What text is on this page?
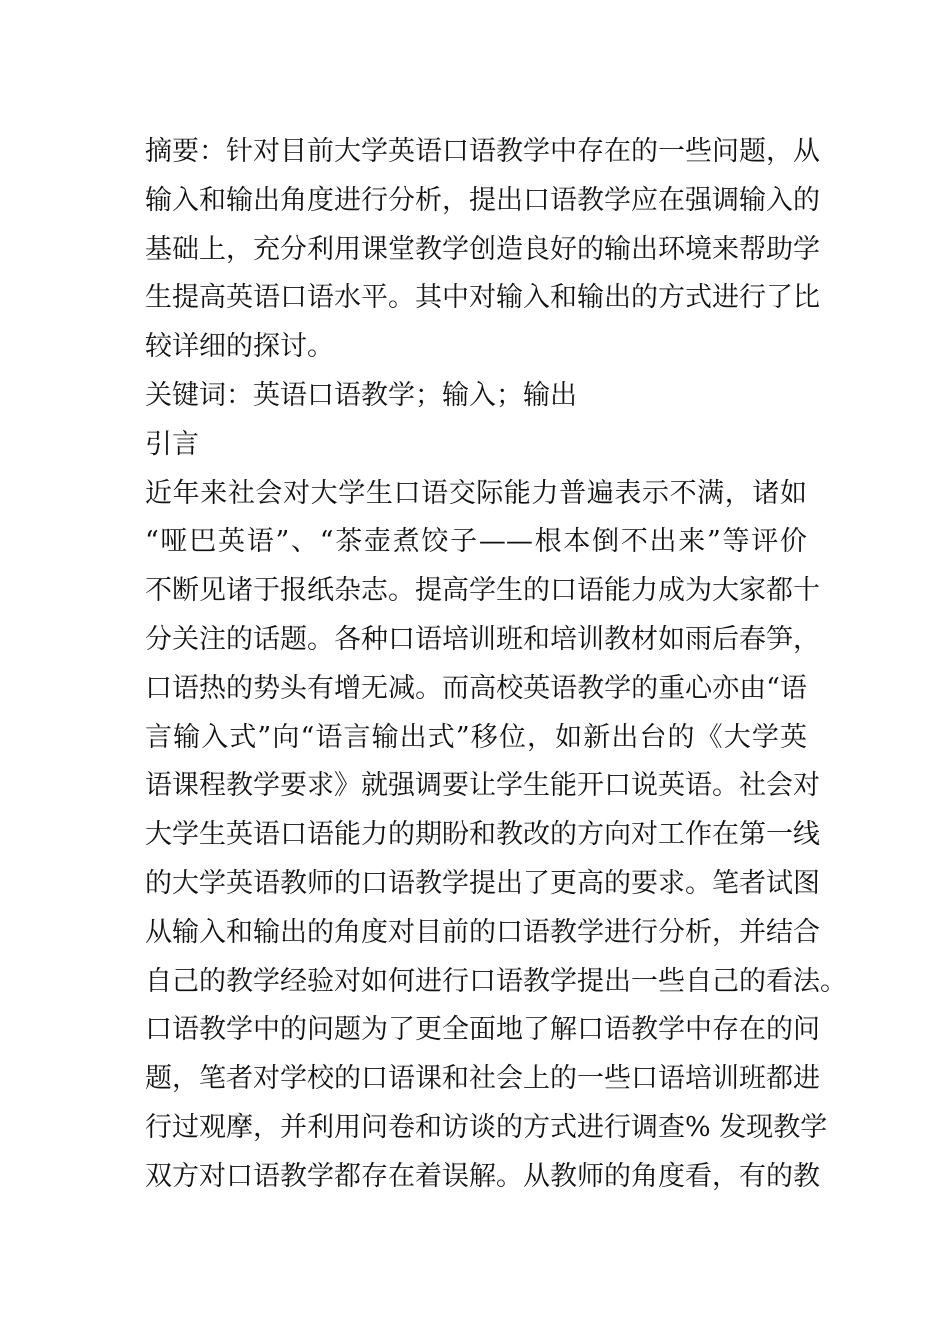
摘要：针对目前大学英语口语教学中存在的一些问题，从
输入和输出角度进行分析，提出口语教学应在强调输入的
基础上，充分利用课堂教学创造良好的输出环境来帮助学
生提高英语口语水平。其中对输入和输出的方式进行了比
较详细的探讨。
关键词：英语口语教学；输入；输出
引言
近年来社会对大学生口语交际能力普遍表示不满，诸如
“哑巴英语”、“茶壶煮饺子——根本倒不出来”等评价
不断见诸于报纸杂志。提高学生的口语能力成为大家都十
分关注的话题。各种口语培训班和培训教材如雨后春笋，
口语热的势头有增无减。而高校英语教学的重心亦由“语
言输入式”向“语言输出式”移位，如新出台的《大学英
语课程教学要求》就强调要让学生能开口说英语。社会对
大学生英语口语能力的期盼和教改的方向对工作在第一线
的大学英语教师的口语教学提出了更高的要求。笔者试图
从输入和输出的角度对目前的口语教学进行分析，并结合
自己的教学经验对如何进行口语教学提出一些自己的看法。
口语教学中的问题为了更全面地了解口语教学中存在的问
题，笔者对学校的口语课和社会上的一些口语培训班都进
行过观摩，并利用问卷和访谈的方式进行调查% 发现教学
双方对口语教学都存在着误解。从教师的角度看，有的教
